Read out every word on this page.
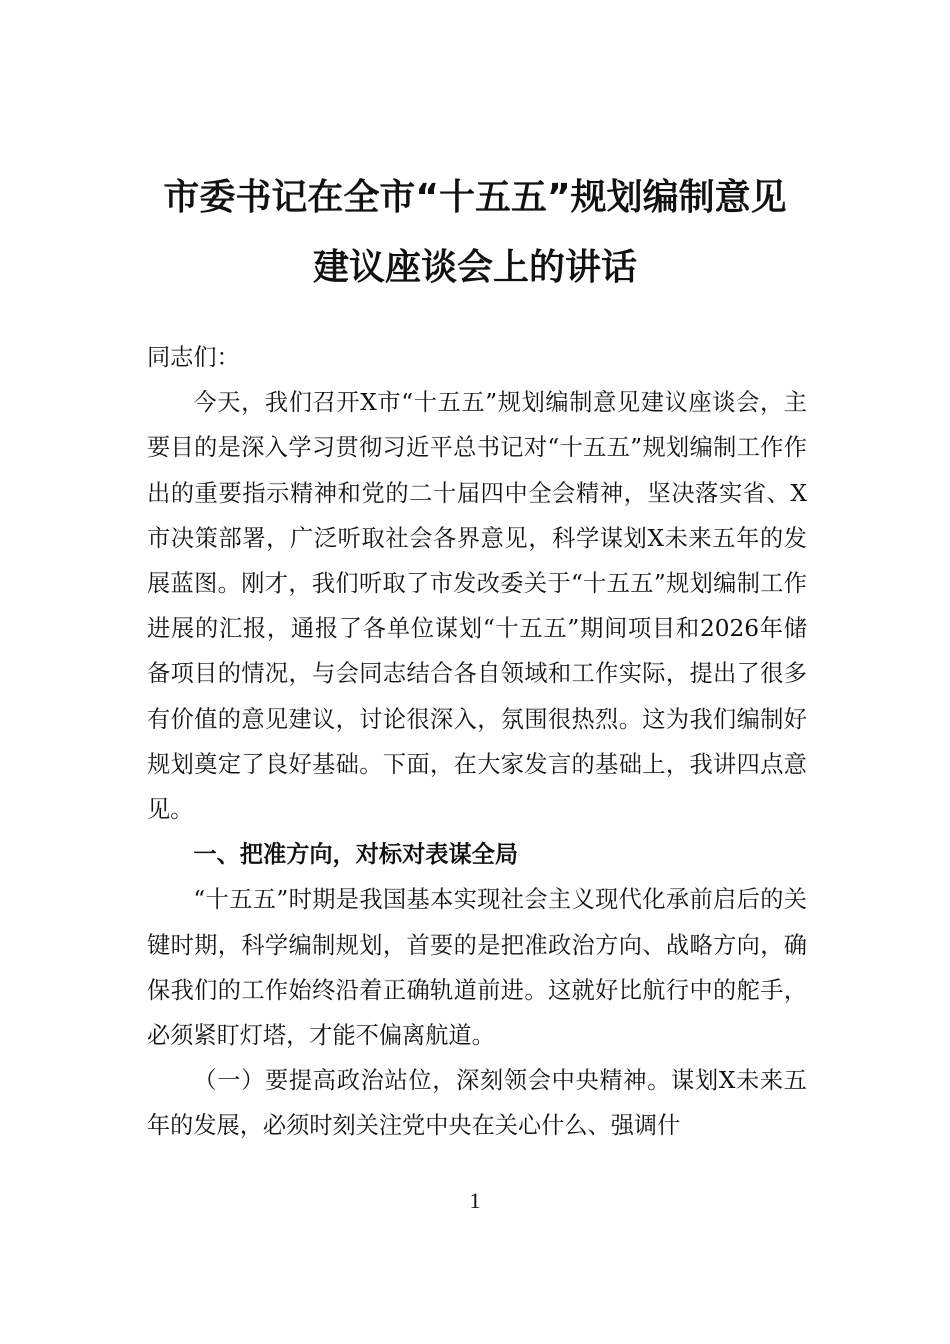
市委书记在全市“十五五”规划编制意见
建议座谈会上的讲话

同志们：

今天，我们召开X市“十五五”规划编制意见建议座谈会，主要目的是深入学习贯彻习近平总书记对“十五五”规划编制工作作出的重要指示精神和党的二十届四中全会精神，坚决落实省、X市决策部署，广泛听取社会各界意见，科学谋划X未来五年的发展蓝图。刚才，我们听取了市发改委关于“十五五”规划编制工作进展的汇报，通报了各单位谋划“十五五”期间项目和2026年储备项目的情况，与会同志结合各自领域和工作实际，提出了很多有价值的意见建议，讨论很深入，氛围很热烈。这为我们编制好规划奠定了良好基础。下面，在大家发言的基础上，我讲四点意见。

一、把准方向，对标对表谋全局

“十五五”时期是我国基本实现社会主义现代化承前启后的关键时期，科学编制规划，首要的是把准政治方向、战略方向，确保我们的工作始终沿着正确轨道前进。这就好比航行中的舵手，必须紧盯灯塔，才能不偏离航道。

（一）要提高政治站位，深刻领会中央精神。谋划X未来五年的发展，必须时刻关注党中央在关心什么、强调什

1
